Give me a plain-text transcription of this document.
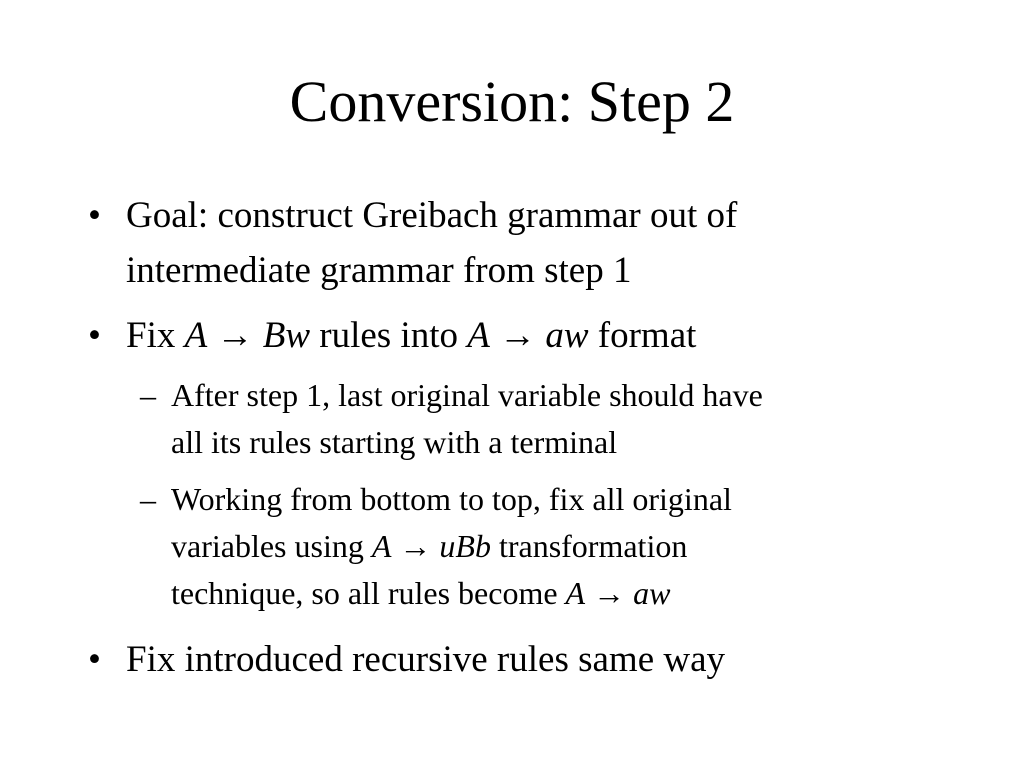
Conversion: Step 2
• Goal: construct Greibach grammar out of
intermediate grammar from step 1
• Fix A → Bw rules into A → aw format
– After step 1, last original variable should have
all its rules starting with a terminal
– Working from bottom to top, fix all original
variables using A → uBb transformation
technique, so all rules become A → aw
• Fix introduced recursive rules same way
